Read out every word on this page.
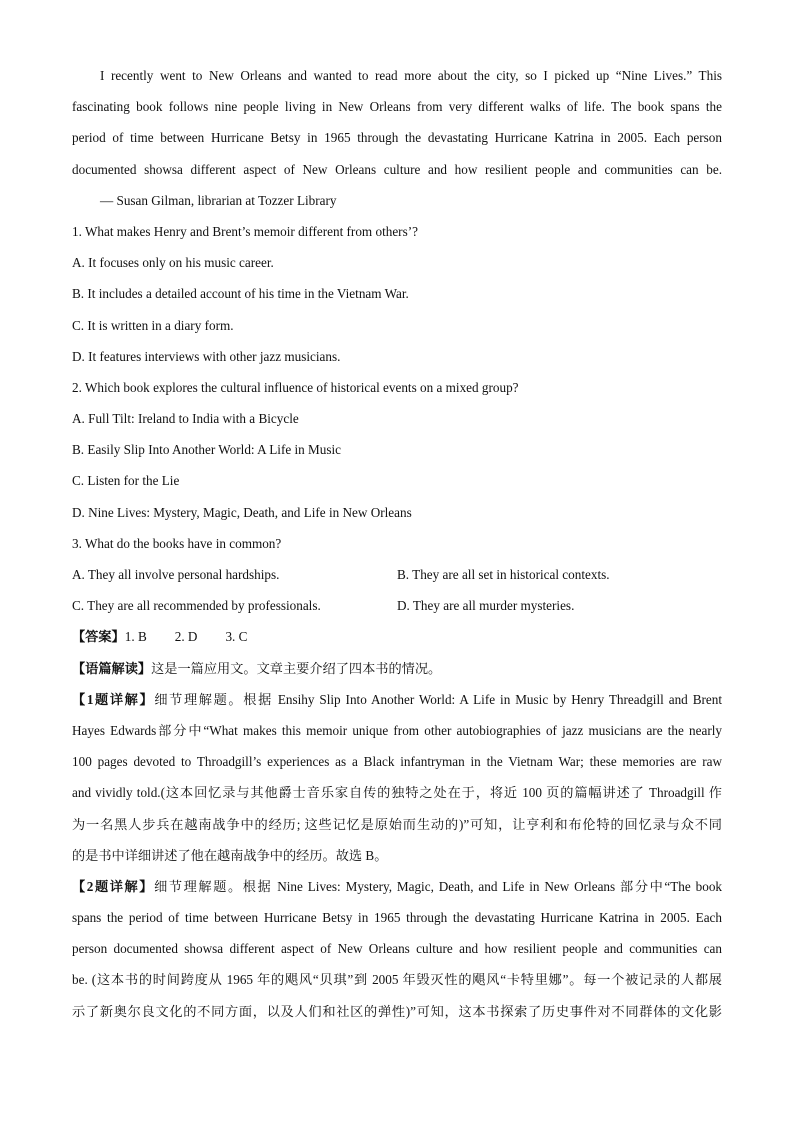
I recently went to New Orleans and wanted to read more about the city, so I picked up “Nine Lives.” This

fascinating book follows nine people living in New Orleans from very different walks of life. The book spans the

period of time between Hurricane Betsy in 1965 through the devastating Hurricane Katrina in 2005. Each person

documented showsa different aspect of New Orleans culture and how resilient people and communities can be.

— Susan Gilman, librarian at Tozzer Library

1. What makes Henry and Brent’s memoir different from others’?

A. It focuses only on his music career.

B. It includes a detailed account of his time in the Vietnam War.

C. It is written in a diary form.

D. It features interviews with other jazz musicians.

2. Which book explores the cultural influence of historical events on a mixed group?

A. Full Tilt: Ireland to India with a Bicycle

B. Easily Slip Into Another World: A Life in Music

C. Listen for the Lie

D. Nine Lives: Mystery, Magic, Death, and Life in New Orleans

3. What do the books have in common?

A. They all involve personal hardships.	B. They are all set in historical contexts.
C. They are all recommended by professionals.	D. They are all murder mysteries.

【答案】1. B 2. D 3. C

【语篇解读】这是一篇应用文。文章主要介绍了四本书的情况。

【1题详解】细节理解题。根据 Ensihy Slip Into Another World: A Life in Music by Henry Threadgill and Brent

Hayes Edwards部分中“What makes this memoir unique from other autobiographies of jazz musicians are the nearly

100 pages devoted to Throadgill’s experiences as a Black infantryman in the Vietnam War; these memories are raw

and vividly told.(这本回忆录与其他爵士音乐家自传的独特之处在于，将近 100 页的篇幅讲述了 Throadgill 作

为一名黑人步兵在越南战争中的经历; 这些记忆是原始而生动的)”可知，让亨利和布伦特的回忆录与众不同

的是书中详细讲述了他在越南战争中的经历。故选 B。

【2题详解】细节理解题。根据 Nine Lives: Mystery, Magic, Death, and Life in New Orleans 部分中“The book

spans the period of time between Hurricane Betsy in 1965 through the devastating Hurricane Katrina in 2005. Each

person documented showsa different aspect of New Orleans culture and how resilient people and communities can

be. (这本书的时间跨度从 1965 年的飓风“贝琪”到 2005 年毁灭性的飓风“卡特里娜”。每一个被记录的人都展

示了新奥尔良文化的不同方面，以及人们和社区的弹性)”可知，这本书探索了历史事件对不同群体的文化影
